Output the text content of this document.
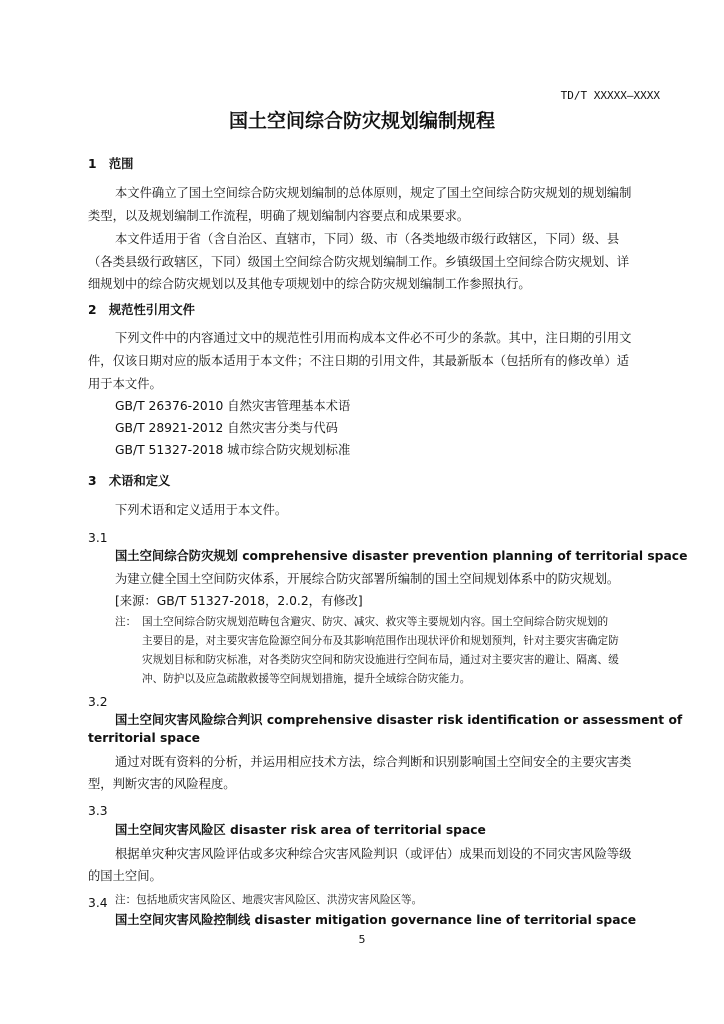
TD/T XXXXX—XXXX
国土空间综合防灾规划编制规程
1　范围
本文件确立了国土空间综合防灾规划编制的总体原则，规定了国土空间综合防灾规划的规划编制
类型，以及规划编制工作流程，明确了规划编制内容要点和成果要求。
本文件适用于省（含自治区、直辖市，下同）级、市（各类地级市级行政辖区，下同）级、县
（各类县级行政辖区，下同）级国土空间综合防灾规划编制工作。乡镇级国土空间综合防灾规划、详
细规划中的综合防灾规划以及其他专项规划中的综合防灾规划编制工作参照执行。
2　规范性引用文件
下列文件中的内容通过文中的规范性引用而构成本文件必不可少的条款。其中，注日期的引用文
件，仅该日期对应的版本适用于本文件；不注日期的引用文件，其最新版本（包括所有的修改单）适
用于本文件。
GB/T 26376-2010 自然灾害管理基本术语
GB/T 28921-2012 自然灾害分类与代码
GB/T 51327-2018 城市综合防灾规划标准
3　术语和定义
下列术语和定义适用于本文件。
3.1
国土空间综合防灾规划 comprehensive disaster prevention planning of territorial space
为建立健全国土空间防灾体系，开展综合防灾部署所编制的国土空间规划体系中的防灾规划。
[来源：GB/T 51327-2018，2.0.2，有修改]
注： 国土空间综合防灾规划范畴包含避灾、防灾、减灾、救灾等主要规划内容。国土空间综合防灾规划的
主要目的是，对主要灾害危险源空间分布及其影响范围作出现状评价和规划预判，针对主要灾害确定防
灾规划目标和防灾标准，对各类防灾空间和防灾设施进行空间布局，通过对主要灾害的避让、隔离、缓
冲、防护以及应急疏散救援等空间规划措施，提升全域综合防灾能力。
3.2
国土空间灾害风险综合判识 comprehensive disaster risk identification or assessment of
territorial space
通过对既有资料的分析，并运用相应技术方法，综合判断和识别影响国土空间安全的主要灾害类
型，判断灾害的风险程度。
3.3
国土空间灾害风险区 disaster risk area of territorial space
根据单灾种灾害风险评估或多灾种综合灾害风险判识（或评估）成果而划设的不同灾害风险等级
的国土空间。
注：包括地质灾害风险区、地震灾害风险区、洪涝灾害风险区等。
3.4
国土空间灾害风险控制线 disaster mitigation governance line of territorial space
5
